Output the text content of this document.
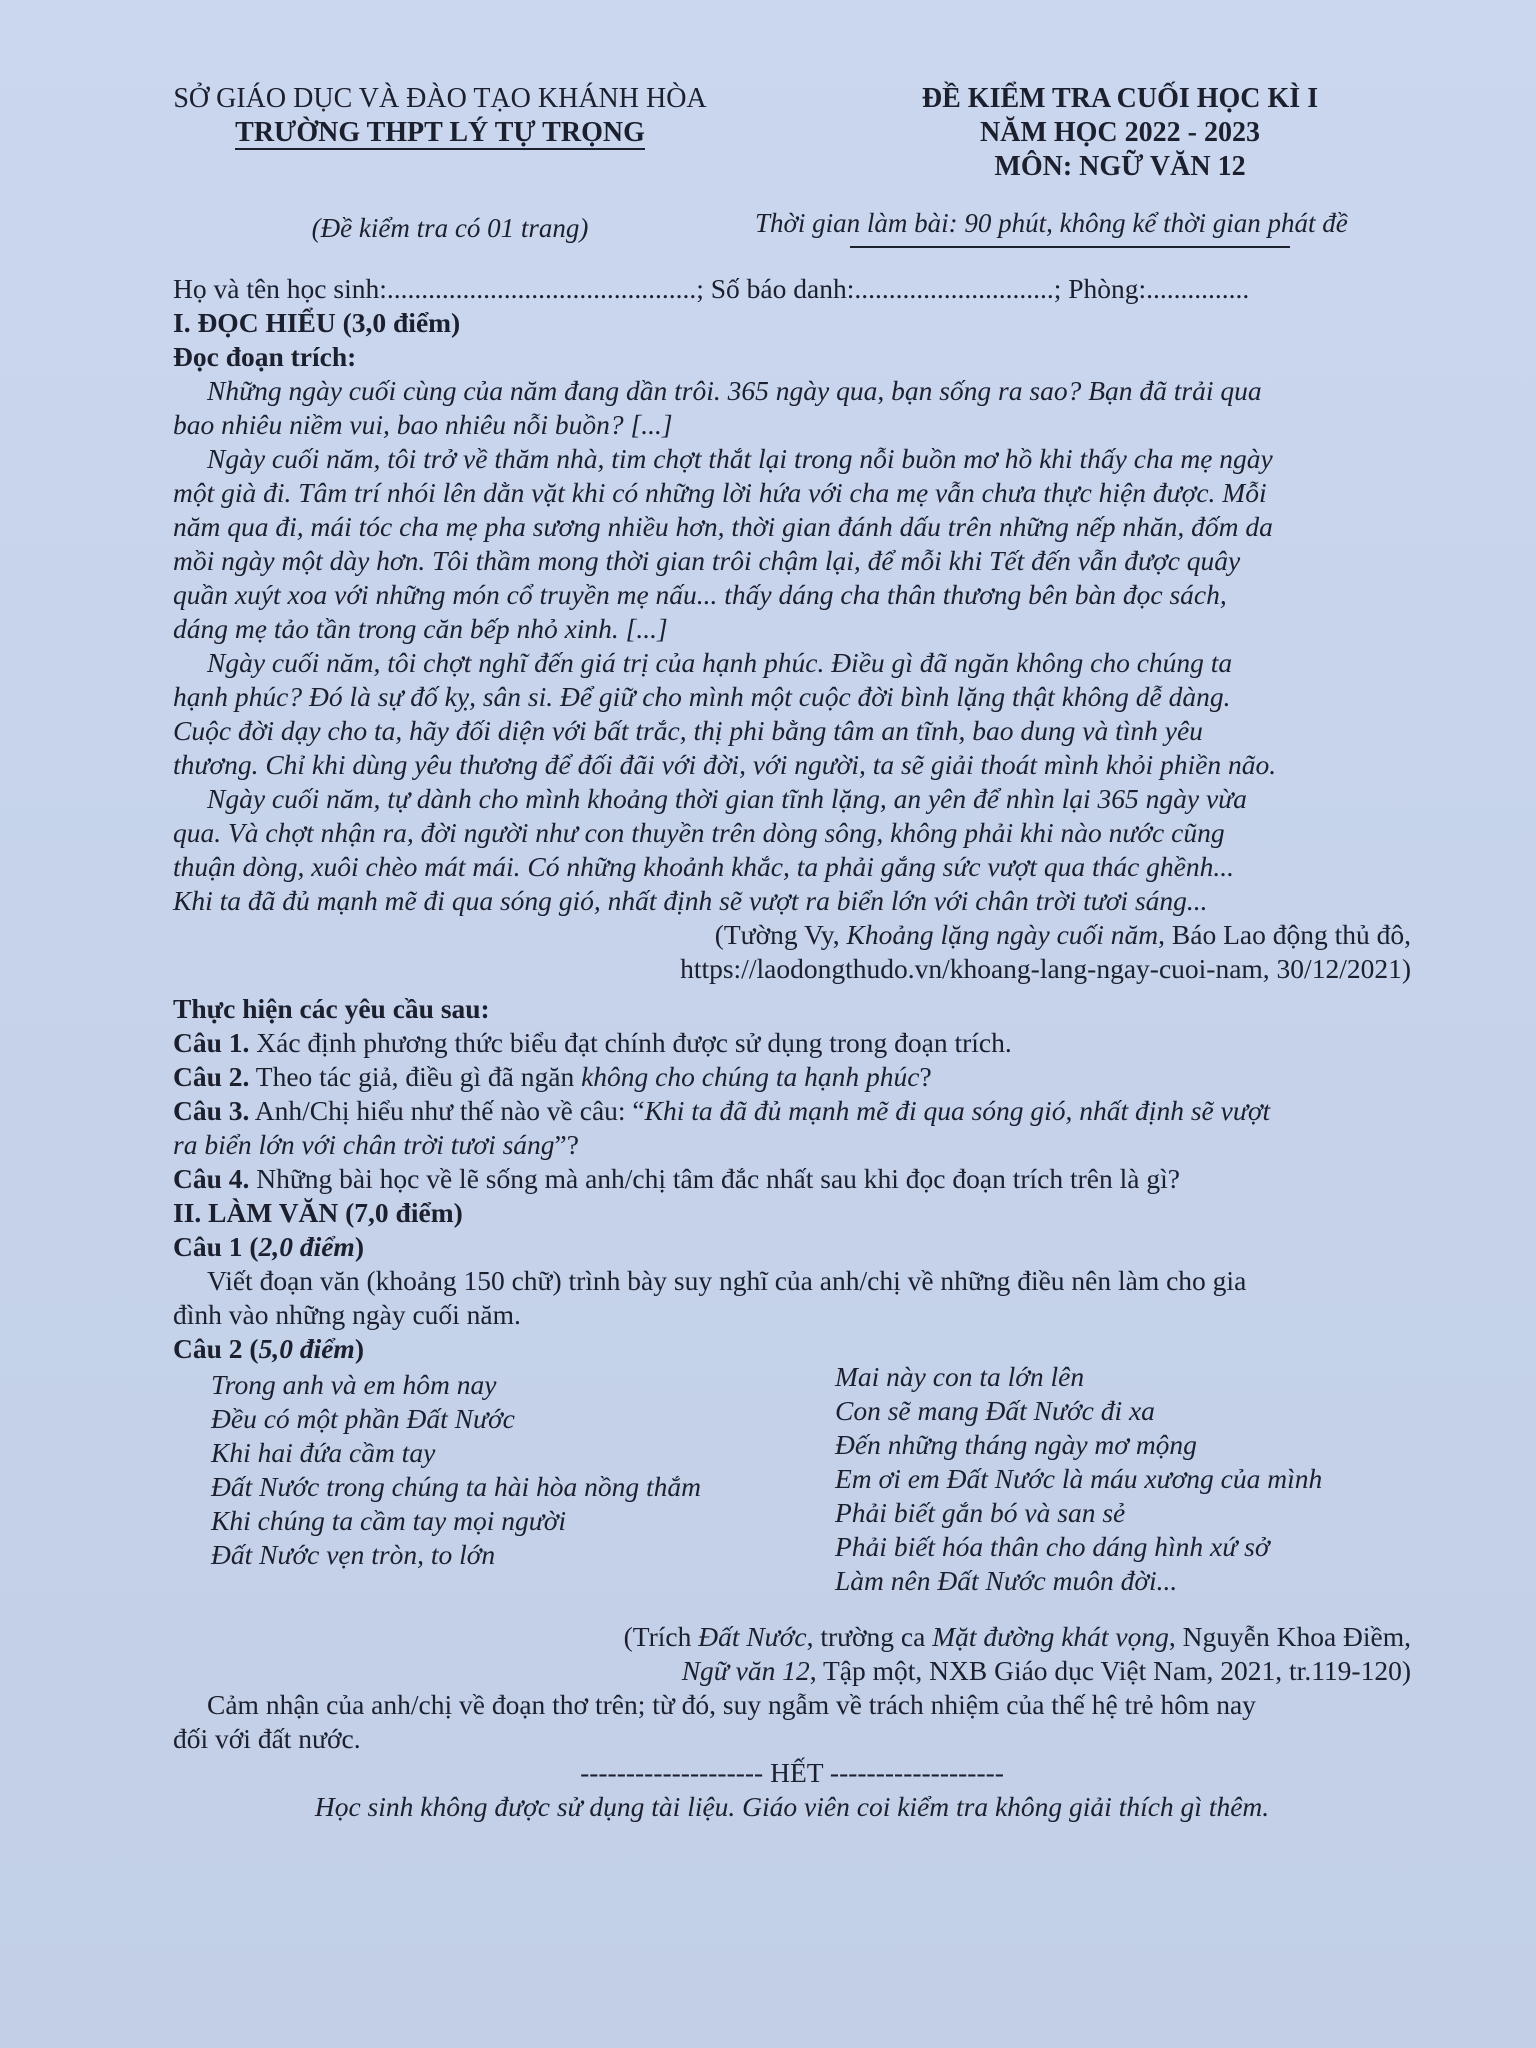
SỞ GIÁO DỤC VÀ ĐÀO TẠO KHÁNH HÒA
TRƯỜNG THPT LÝ TỰ TRỌNG
ĐỀ KIỂM TRA CUỐI HỌC KÌ I
NĂM HỌC 2022 - 2023
MÔN: NGỮ VĂN 12
(Đề kiểm tra có 01 trang)	Thời gian làm bài: 90 phút, không kể thời gian phát đề
Họ và tên học sinh:.............................................; Số báo danh:.............................; Phòng:...............
I. ĐỌC HIỂU (3,0 điểm)
Đọc đoạn trích:
Những ngày cuối cùng của năm đang dần trôi. 365 ngày qua, bạn sống ra sao? Bạn đã trải qua
bao nhiêu niềm vui, bao nhiêu nỗi buồn? [...]
Ngày cuối năm, tôi trở về thăm nhà, tim chợt thắt lại trong nỗi buồn mơ hồ khi thấy cha mẹ ngày
một già đi. Tâm trí nhói lên dằn vặt khi có những lời hứa với cha mẹ vẫn chưa thực hiện được. Mỗi
năm qua đi, mái tóc cha mẹ pha sương nhiều hơn, thời gian đánh dấu trên những nếp nhăn, đốm da
mồi ngày một dày hơn. Tôi thầm mong thời gian trôi chậm lại, để mỗi khi Tết đến vẫn được quây
quần xuýt xoa với những món cổ truyền mẹ nấu... thấy dáng cha thân thương bên bàn đọc sách,
dáng mẹ tảo tần trong căn bếp nhỏ xinh. [...]
Ngày cuối năm, tôi chợt nghĩ đến giá trị của hạnh phúc. Điều gì đã ngăn không cho chúng ta
hạnh phúc? Đó là sự đố kỵ, sân si. Để giữ cho mình một cuộc đời bình lặng thật không dễ dàng.
Cuộc đời dạy cho ta, hãy đối diện với bất trắc, thị phi bằng tâm an tĩnh, bao dung và tình yêu
thương. Chỉ khi dùng yêu thương để đối đãi với đời, với người, ta sẽ giải thoát mình khỏi phiền não.
Ngày cuối năm, tự dành cho mình khoảng thời gian tĩnh lặng, an yên để nhìn lại 365 ngày vừa
qua. Và chợt nhận ra, đời người như con thuyền trên dòng sông, không phải khi nào nước cũng
thuận dòng, xuôi chèo mát mái. Có những khoảnh khắc, ta phải gắng sức vượt qua thác ghềnh...
Khi ta đã đủ mạnh mẽ đi qua sóng gió, nhất định sẽ vượt ra biển lớn với chân trời tươi sáng...
(Tường Vy, Khoảng lặng ngày cuối năm, Báo Lao động thủ đô,
https://laodongthudo.vn/khoang-lang-ngay-cuoi-nam, 30/12/2021)
Thực hiện các yêu cầu sau:
Câu 1. Xác định phương thức biểu đạt chính được sử dụng trong đoạn trích.
Câu 2. Theo tác giả, điều gì đã ngăn không cho chúng ta hạnh phúc?
Câu 3. Anh/Chị hiểu như thế nào về câu: “Khi ta đã đủ mạnh mẽ đi qua sóng gió, nhất định sẽ vượt
ra biển lớn với chân trời tươi sáng”?
Câu 4. Những bài học về lẽ sống mà anh/chị tâm đắc nhất sau khi đọc đoạn trích trên là gì?
II. LÀM VĂN (7,0 điểm)
Câu 1 (2,0 điểm)
Viết đoạn văn (khoảng 150 chữ) trình bày suy nghĩ của anh/chị về những điều nên làm cho gia
đình vào những ngày cuối năm.
Câu 2 (5,0 điểm)
Trong anh và em hôm nay
Đều có một phần Đất Nước
Khi hai đứa cầm tay
Đất Nước trong chúng ta hài hòa nồng thắm
Khi chúng ta cầm tay mọi người
Đất Nước vẹn tròn, to lớn
Mai này con ta lớn lên
Con sẽ mang Đất Nước đi xa
Đến những tháng ngày mơ mộng
Em ơi em Đất Nước là máu xương của mình
Phải biết gắn bó và san sẻ
Phải biết hóa thân cho dáng hình xứ sở
Làm nên Đất Nước muôn đời...
(Trích Đất Nước, trường ca Mặt đường khát vọng, Nguyễn Khoa Điềm,
Ngữ văn 12, Tập một, NXB Giáo dục Việt Nam, 2021, tr.119-120)
Cảm nhận của anh/chị về đoạn thơ trên; từ đó, suy ngẫm về trách nhiệm của thế hệ trẻ hôm nay
đối với đất nước.
-------------------- HẾT -------------------
Học sinh không được sử dụng tài liệu. Giáo viên coi kiểm tra không giải thích gì thêm.
